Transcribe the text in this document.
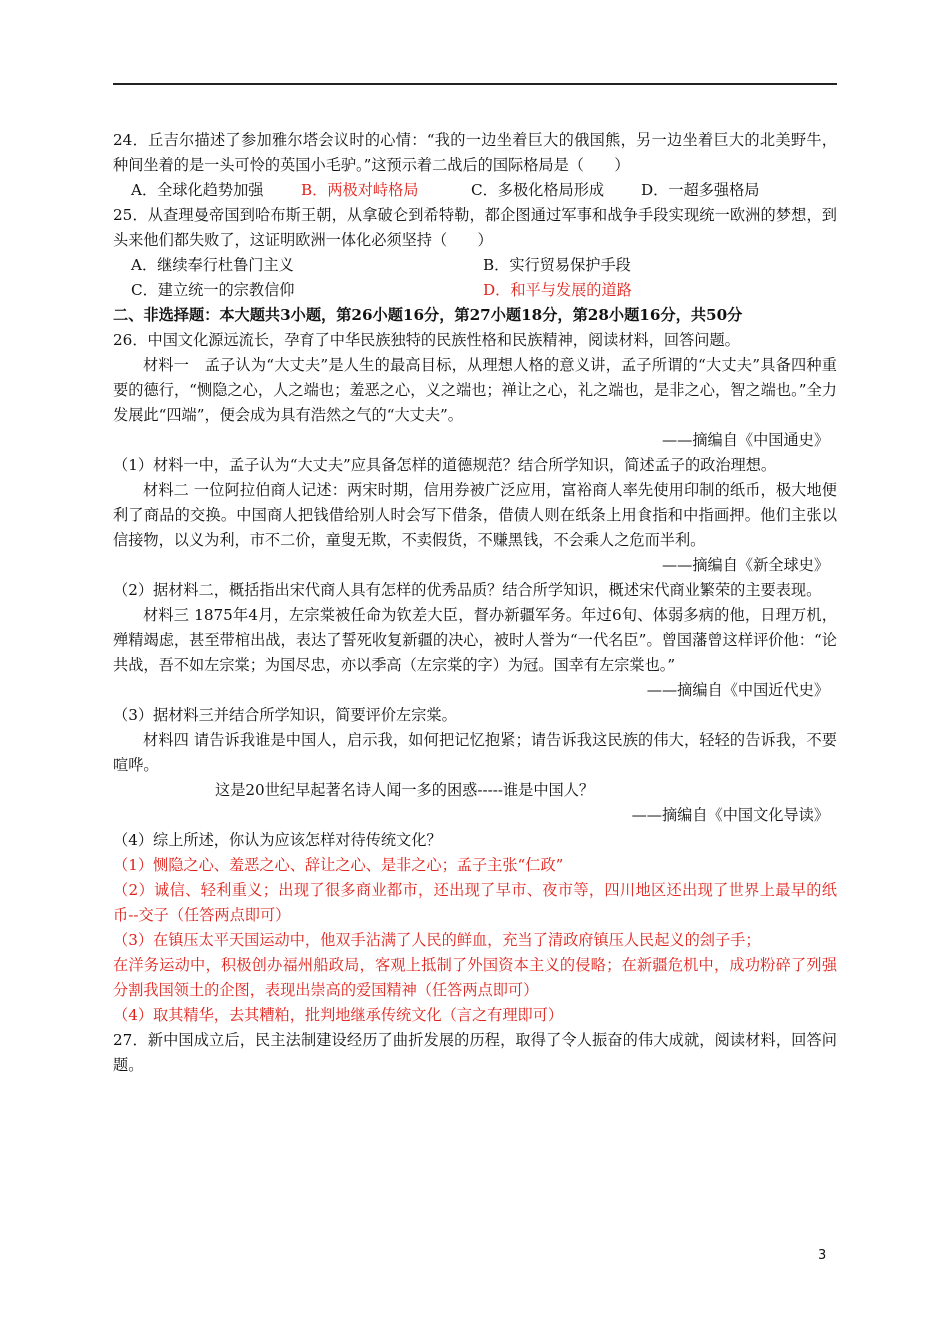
24．丘吉尔描述了参加雅尔塔会议时的心情：“我的一边坐着巨大的俄国熊，另一边坐着巨大的北美野牛，种间坐着的是一头可怜的英国小毛驴。”这预示着二战后的国际格局是（　　）

A．全球化趋势加强	B．两极对峙格局	C．多极化格局形成	D．一超多强格局

25．从查理曼帝国到哈布斯王朝，从拿破仑到希特勒，都企图通过军事和战争手段实现统一欧洲的梦想，到头来他们都失败了，这证明欧洲一体化必须坚持（　　）

A．继续奉行杜鲁门主义	B．实行贸易保护手段
C．建立统一的宗教信仰	D．和平与发展的道路

二、非选择题：本大题共3小题，第26小题16分，第27小题18分，第28小题16分，共50分

26．中国文化源远流长，孕育了中华民族独特的民族性格和民族精神，阅读材料，回答问题。

材料一　孟子认为“大丈夫”是人生的最高目标，从理想人格的意义讲，孟子所谓的“大丈夫”具备四种重要的德行，“恻隐之心，人之端也；羞恶之心，义之端也；禅让之心，礼之端也，是非之心，智之端也。”全力发展此“四端”，便会成为具有浩然之气的“大丈夫”。

——摘编自《中国通史》

（1）材料一中，孟子认为“大丈夫”应具备怎样的道德规范？结合所学知识，简述孟子的政治理想。

材料二 一位阿拉伯商人记述：两宋时期，信用券被广泛应用，富裕商人率先使用印制的纸币，极大地便利了商品的交换。中国商人把钱借给别人时会写下借条，借债人则在纸条上用食指和中指画押。他们主张以信接物，以义为利，市不二价，童叟无欺，不卖假货，不赚黑钱，不会乘人之危而半利。

——摘编自《新全球史》

（2）据材料二，概括指出宋代商人具有怎样的优秀品质？结合所学知识，概述宋代商业繁荣的主要表现。

材料三 1875年4月，左宗棠被任命为钦差大臣，督办新疆军务。年过6旬、体弱多病的他，日理万机，殚精竭虑，甚至带棺出战，表达了誓死收复新疆的决心，被时人誉为“一代名臣”。曾国藩曾这样评价他：“论共战，吾不如左宗棠；为国尽忠，亦以季高（左宗棠的字）为冠。国幸有左宗棠也。”

——摘编自《中国近代史》

（3）据材料三并结合所学知识，简要评价左宗棠。

材料四 请告诉我谁是中国人，启示我，如何把记忆抱紧；请告诉我这民族的伟大，轻轻的告诉我，不要喧哗。

这是20世纪早起著名诗人闻一多的困惑-----谁是中国人？

——摘编自《中国文化导读》

（4）综上所述，你认为应该怎样对待传统文化？

（1）恻隐之心、羞恶之心、辞让之心、是非之心；孟子主张“仁政”

（2）诚信、轻利重义；出现了很多商业都市，还出现了早市、夜市等，四川地区还出现了世界上最早的纸币--交子（任答两点即可）

（3）在镇压太平天国运动中，他双手沾满了人民的鲜血，充当了清政府镇压人民起义的刽子手；

在洋务运动中，积极创办福州船政局，客观上抵制了外国资本主义的侵略；在新疆危机中，成功粉碎了列强分割我国领土的企图，表现出崇高的爱国精神（任答两点即可）

（4）取其精华，去其糟粕，批判地继承传统文化（言之有理即可）

27．新中国成立后，民主法制建设经历了曲折发展的历程，取得了令人振奋的伟大成就，阅读材料，回答问题。

3
